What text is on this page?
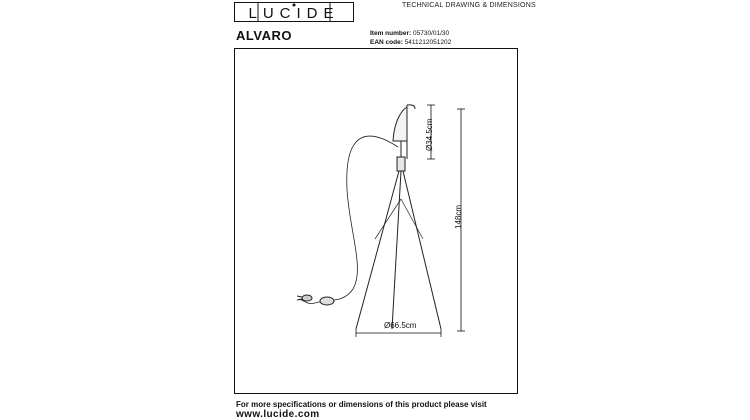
LUCIDE	TECHNICAL DRAWING & DIMENSIONS
ALVARO	Item number: 05730/01/30
EAN code: 5411212051202
Ø34.5cm
148cm
Ø66.5cm
For more specifications or dimensions of this product please visit
www.lucide.com
